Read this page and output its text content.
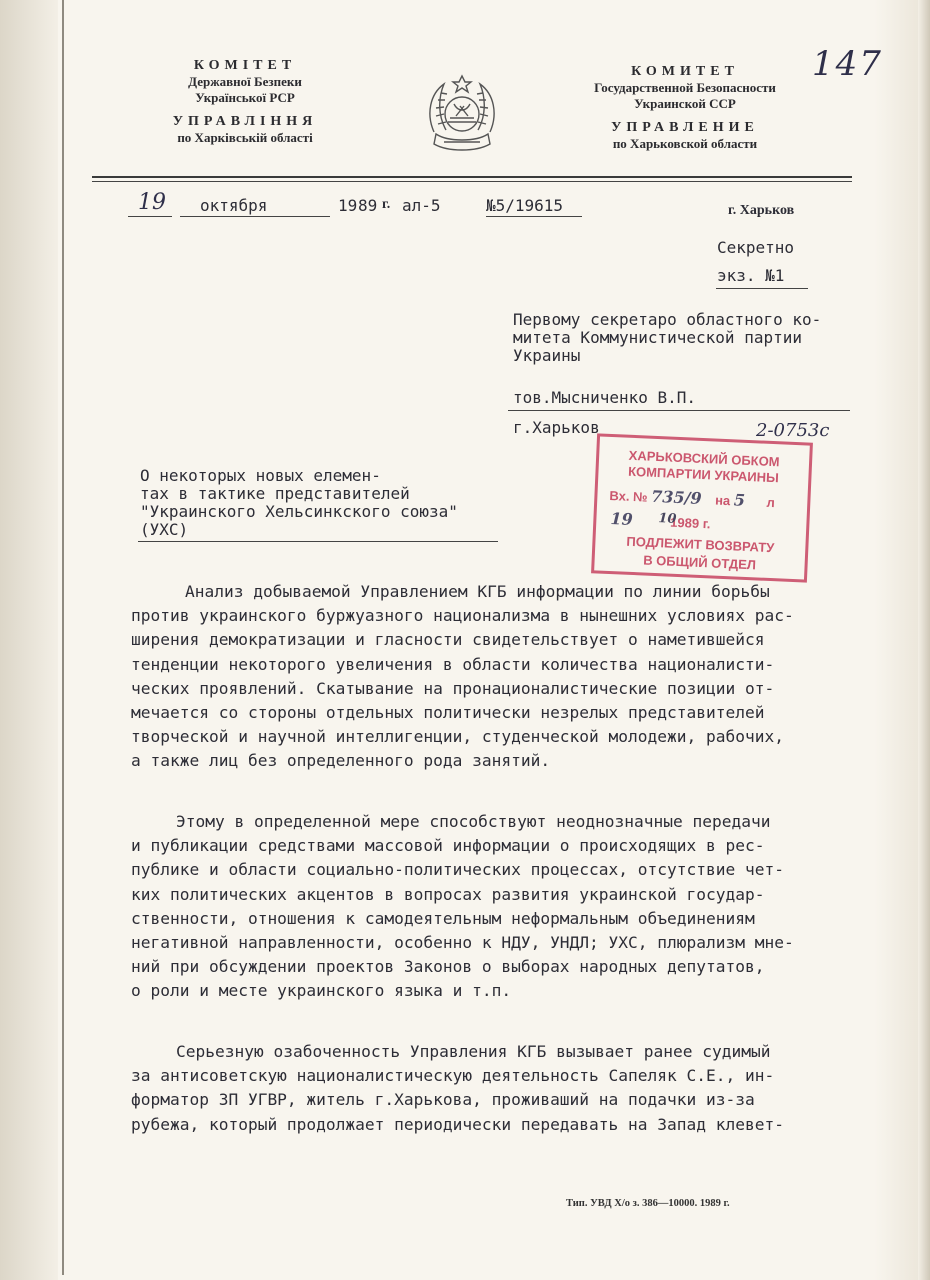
147
КОМІТЕТ
Державної Безпеки
Української РСР
УПРАВЛІННЯ
по Харківській області
КОМИТЕТ
Государственной Безопасности
Украинской ССР
УПРАВЛЕНИЕ
по Харьковской области
19 октября	19 89 г. ал-5	№5/19615	г. Харьков
Секретно
экз. №1
Первому секретаро областного ко-
митета Коммунистической партии
Украины
тов.Мысниченко В.П.
г.Харьков	2-0753с
ХАРЬКОВСКИЙ ОБКОМ
КОМПАРТИИ УКРАИНЫ
Вх. № 735/9 на 5 л
19 10
1989 г.
ПОДЛЕЖИТ ВОЗВРАТУ
В ОБЩИЙ ОТДЕЛ
О некоторых новых елемен-
тах в тактике представителей
"Украинского Хельсинкского союза"
(УХС)
Анализ добываемой Управлением КГБ информации по линии борьбы
против украинского буржуазного национализма в нынешних условиях рас-
ширения демократизации и гласности свидетельствует о наметившейся
тенденции некоторого увеличения в области количества националисти-
ческих проявлений. Скатывание на пронационалистические позиции от-
мечается со стороны отдельных политически незрелых представителей
творческой и научной интеллигенции, студенческой молодежи, рабочих,
а также лиц без определенного рода занятий.
Этому в определенной мере способствуют неоднозначные передачи
и публикации средствами массовой информации о происходящих в рес-
публике и области социально-политических процессах, отсутствие чет-
ких политических акцентов в вопросах развития украинской государ-
ственности, отношения к самодеятельным неформальным объединениям
негативной направленности, особенно к НДУ, УНДЛ; УХС, плюрализм мне-
ний при обсуждении проектов Законов о выборах народных депутатов,
о роли и месте украинского языка и т.п.
Серьезную озабоченность Управления КГБ вызывает ранее судимый
за антисоветскую националистическую деятельность Сапеляк С.Е., ин-
форматор ЗП УГВР, житель г.Харькова, проживаший на подачки из-за
рубежа, который продолжает периодически передавать на Запад клевет-
Тип. УВД Х/о з. 386—10000. 1989 г.
